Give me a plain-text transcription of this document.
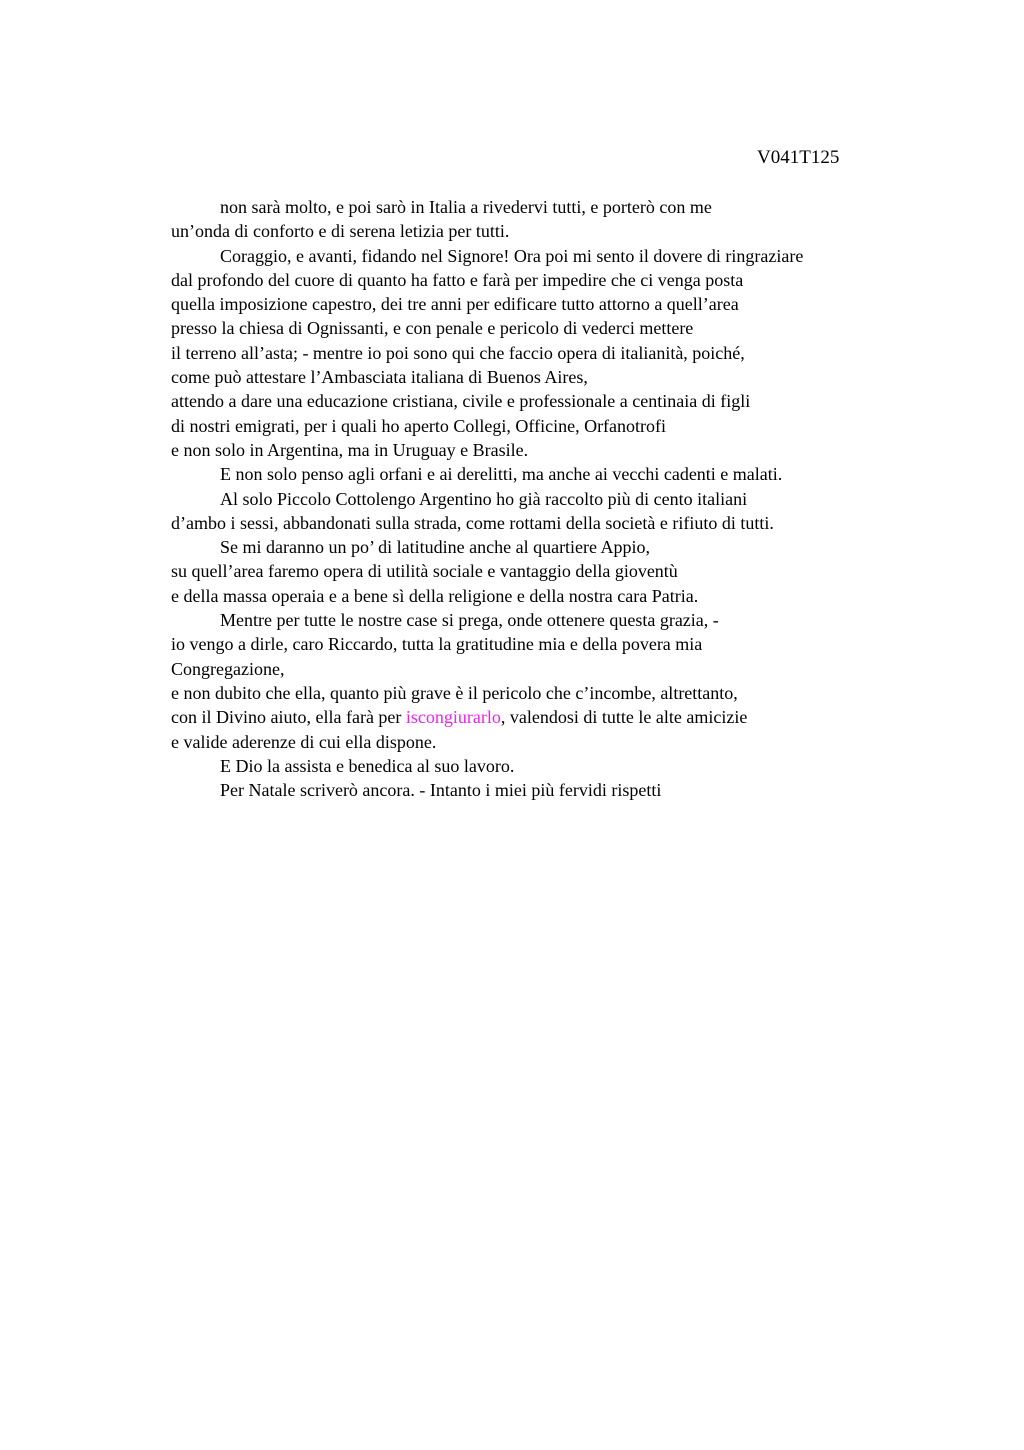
V041T125
non sarà molto, e poi sarò in Italia a rivedervi tutti, e porterò con me
un’onda di conforto e di serena letizia per tutti.
Coraggio, e avanti, fidando nel Signore! Ora poi mi sento il dovere di ringraziare
dal profondo del cuore di quanto ha fatto e farà per impedire che ci venga posta
quella imposizione capestro, dei tre anni per edificare tutto attorno a quell’area
presso la chiesa di Ognissanti, e con penale e pericolo di vederci mettere
il terreno all’asta; - mentre io poi sono qui che faccio opera di italianità, poiché,
come può attestare l’Ambasciata italiana di Buenos Aires,
attendo a dare una educazione cristiana, civile e professionale a centinaia di figli
di nostri emigrati, per i quali ho aperto Collegi, Officine, Orfanotrofi
e non solo in Argentina, ma in Uruguay e Brasile.
E non solo penso agli orfani e ai derelitti, ma anche ai vecchi cadenti e malati.
Al solo Piccolo Cottolengo Argentino ho già raccolto più di cento italiani
d’ambo i sessi, abbandonati sulla strada, come rottami della società e rifiuto di tutti.
Se mi daranno un po’ di latitudine anche al quartiere Appio,
su quell’area faremo opera di utilità sociale e vantaggio della gioventù
e della massa operaia e a bene sì della religione e della nostra cara Patria.
Mentre per tutte le nostre case si prega, onde ottenere questa grazia, -
io vengo a dirle, caro Riccardo, tutta la gratitudine mia e della povera mia
Congregazione,
e non dubito che ella, quanto più grave è il pericolo che c’incombe, altrettanto,
con il Divino aiuto, ella farà per iscongiurarlo, valendosi di tutte le alte amicizie
e valide aderenze di cui ella dispone.
E Dio la assista e benedica al suo lavoro.
Per Natale scriverò ancora. - Intanto i miei più fervidi rispetti
